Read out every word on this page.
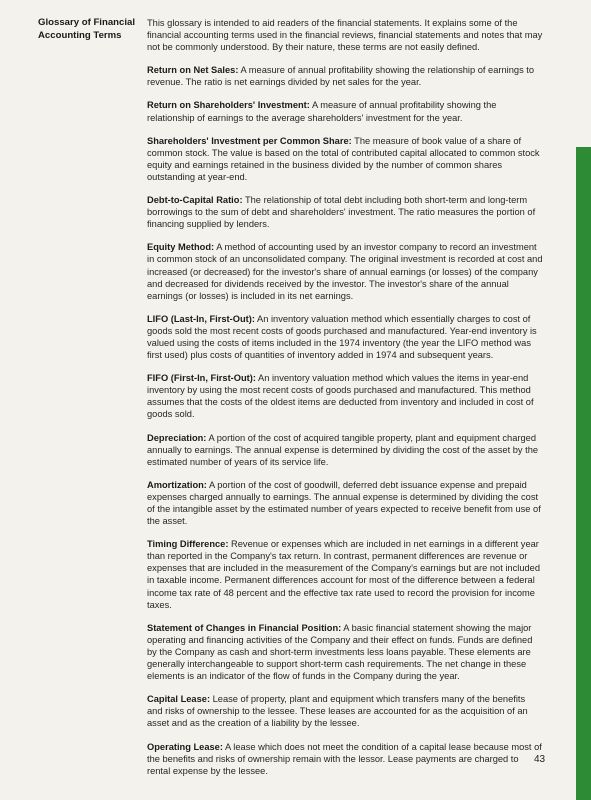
Glossary of Financial Accounting Terms

This glossary is intended to aid readers of the financial statements. It explains some of the financial accounting terms used in the financial reviews, financial statements and notes that may not be commonly understood. By their nature, these terms are not easily defined.

Return on Net Sales: A measure of annual profitability showing the relationship of earnings to revenue. The ratio is net earnings divided by net sales for the year.

Return on Shareholders' Investment: A measure of annual profitability showing the relationship of earnings to the average shareholders' investment for the year.

Shareholders' Investment per Common Share: The measure of book value of a share of common stock. The value is based on the total of contributed capital allocated to common stock equity and earnings retained in the business divided by the number of common shares outstanding at year-end.

Debt-to-Capital Ratio: The relationship of total debt including both short-term and long-term borrowings to the sum of debt and shareholders' investment. The ratio measures the portion of financing supplied by lenders.

Equity Method: A method of accounting used by an investor company to record an investment in common stock of an unconsolidated company. The original investment is recorded at cost and increased (or decreased) for the investor's share of annual earnings (or losses) of the company and decreased for dividends received by the investor. The investor's share of the annual earnings (or losses) is included in its net earnings.

LIFO (Last-In, First-Out): An inventory valuation method which essentially charges to cost of goods sold the most recent costs of goods purchased and manufactured. Year-end inventory is valued using the costs of items included in the 1974 inventory (the year the LIFO method was first used) plus costs of quantities of inventory added in 1974 and subsequent years.

FIFO (First-In, First-Out): An inventory valuation method which values the items in year-end inventory by using the most recent costs of goods purchased and manufactured. This method assumes that the costs of the oldest items are deducted from inventory and included in cost of goods sold.

Depreciation: A portion of the cost of acquired tangible property, plant and equipment charged annually to earnings. The annual expense is determined by dividing the cost of the asset by the estimated number of years of its service life.

Amortization: A portion of the cost of goodwill, deferred debt issuance expense and prepaid expenses charged annually to earnings. The annual expense is determined by dividing the cost of the intangible asset by the estimated number of years expected to receive benefit from use of the asset.

Timing Difference: Revenue or expenses which are included in net earnings in a different year than reported in the Company's tax return. In contrast, permanent differences are revenue or expenses that are included in the measurement of the Company's earnings but are not included in taxable income. Permanent differences account for most of the difference between a federal income tax rate of 48 percent and the effective tax rate used to record the provision for income taxes.

Statement of Changes in Financial Position: A basic financial statement showing the major operating and financing activities of the Company and their effect on funds. Funds are defined by the Company as cash and short-term investments less loans payable. These elements are generally interchangeable to support short-term cash requirements. The net change in these elements is an indicator of the flow of funds in the Company during the year.

Capital Lease: Lease of property, plant and equipment which transfers many of the benefits and risks of ownership to the lessee. These leases are accounted for as the acquisition of an asset and as the creation of a liability by the lessee.

Operating Lease: A lease which does not meet the condition of a capital lease because most of the benefits and risks of ownership remain with the lessor. Lease payments are charged to rental expense by the lessee.

43
